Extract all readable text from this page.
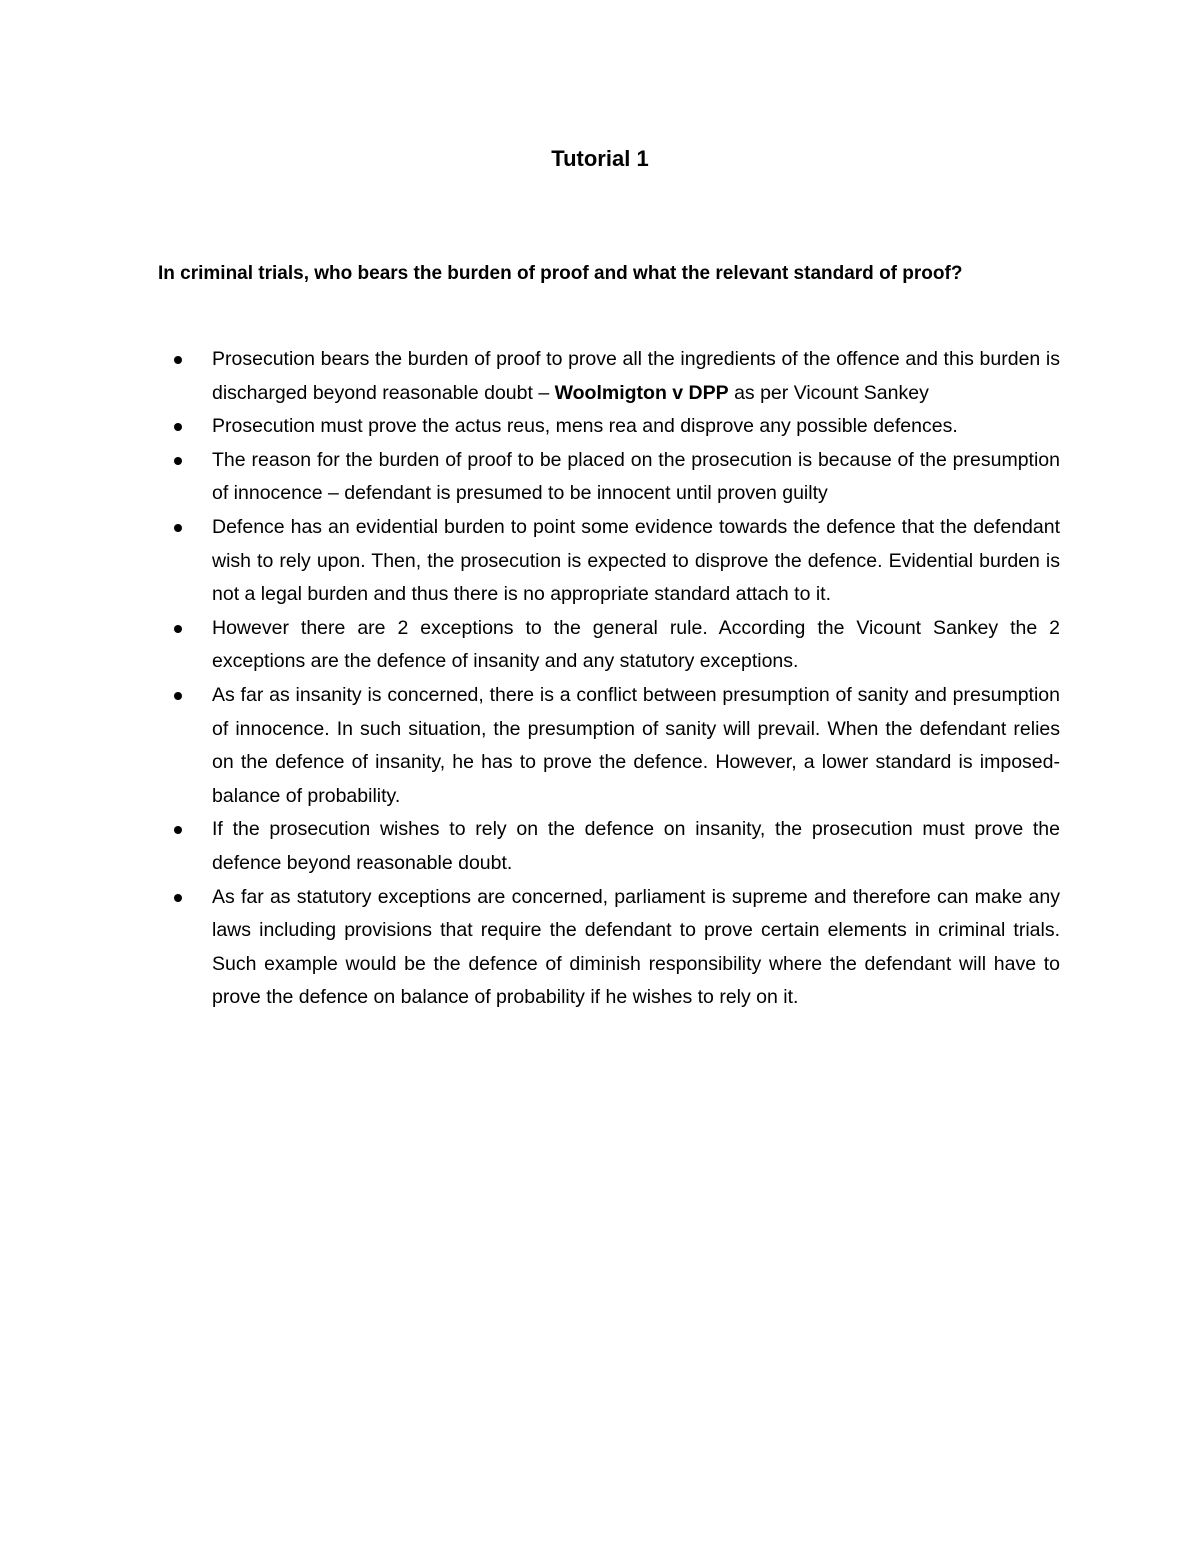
Tutorial 1
In criminal trials, who bears the burden of proof and what the relevant standard of proof?
Prosecution bears the burden of proof to prove all the ingredients of the offence and this burden is discharged beyond reasonable doubt – Woolmigton v DPP as per Vicount Sankey
Prosecution must prove the actus reus, mens rea and disprove any possible defences.
The reason for the burden of proof to be placed on the prosecution is because of the presumption of innocence – defendant is presumed to be innocent until proven guilty
Defence has an evidential burden to point some evidence towards the defence that the defendant wish to rely upon. Then, the prosecution is expected to disprove the defence. Evidential burden is not a legal burden and thus there is no appropriate standard attach to it.
However there are 2 exceptions to the general rule. According the Vicount Sankey the 2 exceptions are the defence of insanity and any statutory exceptions.
As far as insanity is concerned, there is a conflict between presumption of sanity and presumption of innocence. In such situation, the presumption of sanity will prevail. When the defendant relies on the defence of insanity, he has to prove the defence. However, a lower standard is imposed- balance of probability.
If the prosecution wishes to rely on the defence on insanity, the prosecution must prove the defence beyond reasonable doubt.
As far as statutory exceptions are concerned, parliament is supreme and therefore can make any laws including provisions that require the defendant to prove certain elements in criminal trials. Such example would be the defence of diminish responsibility where the defendant will have to prove the defence on balance of probability if he wishes to rely on it.
